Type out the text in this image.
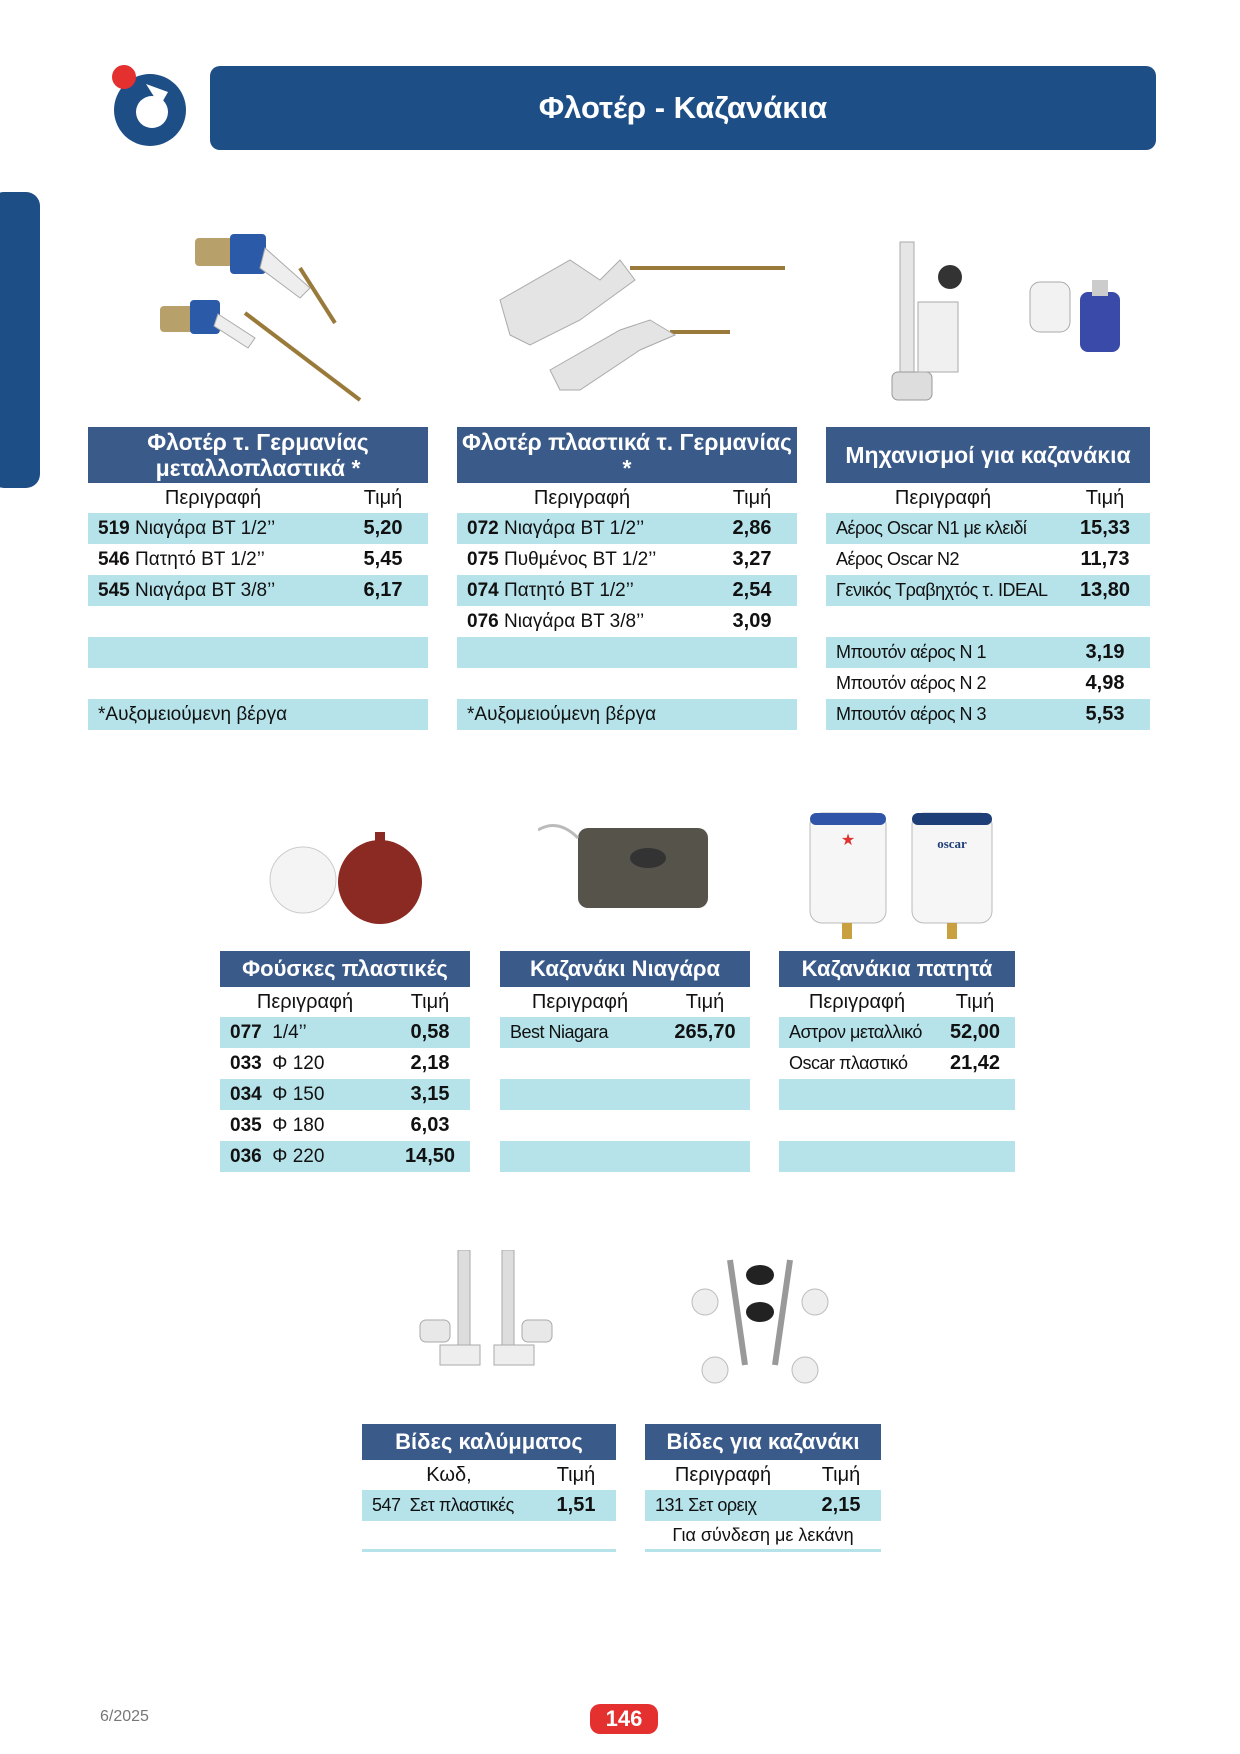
Φλοτέρ - Καζανάκια
Φλοτέρ τ. Γερμανίας μεταλλοπλαστικά *
Περιγραφή	Τιμή
519 Νιαγάρα ΒΤ 1/2’’	5,20
546 Πατητό ΒΤ 1/2’’	5,45
545 Νιαγάρα ΒΤ 3/8’’	6,17
*Αυξομειούμενη βέργα
Φλοτέρ πλαστικά τ. Γερμανίας *
Περιγραφή	Τιμή
072 Νιαγάρα ΒΤ 1/2’’	2,86
075 Πυθμένος ΒΤ 1/2’’	3,27
074 Πατητό ΒΤ 1/2’’	2,54
076 Νιαγάρα ΒΤ 3/8’’	3,09
*Αυξομειούμενη βέργα
Μηχανισμοί για καζανάκια
Περιγραφή	Τιμή
Αέρος Oscar N1 με κλειδί	15,33
Αέρος Oscar N2	11,73
Γενικός Τραβηχτός τ. IDEAL	13,80
Μπουτόν αέρος Ν 1	3,19
Μπουτόν αέρος Ν 2	4,98
Μπουτόν αέρος Ν 3	5,53
★	oscar
Φούσκες πλαστικές
Περιγραφή	Τιμή
077 1/4’’	0,58
033 Φ 120	2,18
034 Φ 150	3,15
035 Φ 180	6,03
036 Φ 220	14,50
Καζανάκι Νιαγάρα
Περιγραφή	Τιμή
Best Niagara	265,70
Καζανάκια πατητά
Περιγραφή	Τιμή
Αστρον μεταλλικό	52,00
Oscar πλαστικό	21,42
Βίδες καλύμματος
Κωδ,	Τιμή
547 Σετ πλαστικές	1,51
Βίδες για καζανάκι
Περιγραφή	Τιμή
131 Σετ ορειχ	2,15
Για σύνδεση με λεκάνη
6/2025	146
